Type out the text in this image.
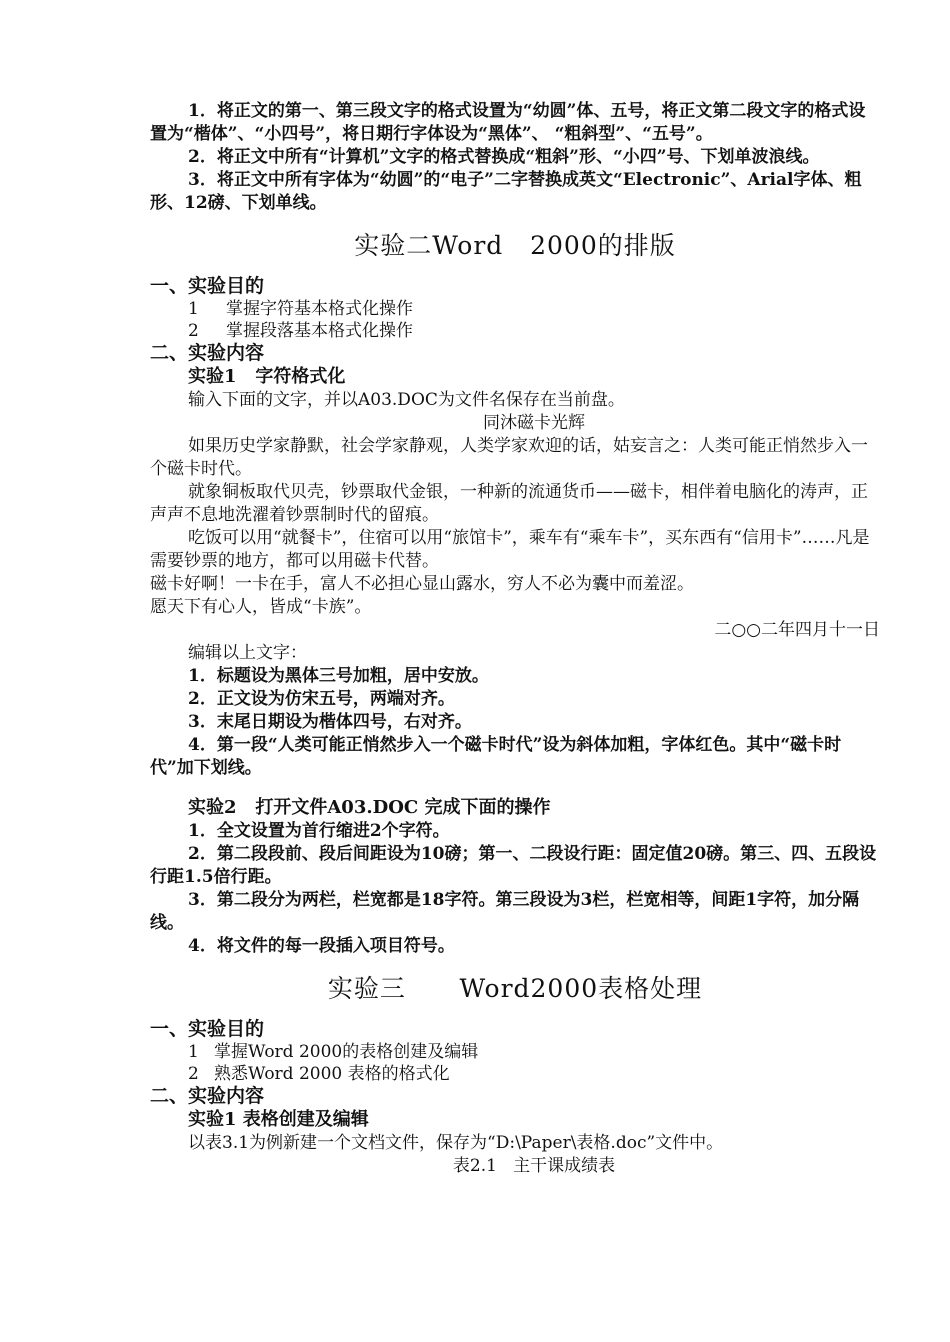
1．将正文的第一、第三段文字的格式设置为“幼圆”体、五号，将正文第二段文字的格式设置为“楷体”、“小四号”，将日期行字体设为“黑体”、 “粗斜型”、“五号”。

2．将正文中所有“计算机”文字的格式替换成“粗斜”形、“小四”号、下划单波浪线。

3．将正文中所有字体为“幼圆”的“电子”二字替换成英文“Electronic”、Arial字体、粗形、12磅、下划单线。

实验二Word   2000的排版

一、实验目的

1 掌握字符基本格式化操作

2 掌握段落基本格式化操作

二、实验内容

实验1   字符格式化

输入下面的文字，并以A03.DOC为文件名保存在当前盘。

同沐磁卡光辉

如果历史学家静默，社会学家静观，人类学家欢迎的话，姑妄言之：人类可能正悄然步入一个磁卡时代。

就象铜板取代贝壳，钞票取代金银，一种新的流通货币——磁卡，相伴着电脑化的涛声，正声声不息地洗濯着钞票制时代的留痕。

吃饭可以用“就餐卡”，住宿可以用“旅馆卡”，乘车有“乘车卡”，买东西有“信用卡”……凡是需要钞票的地方，都可以用磁卡代替。

磁卡好啊！一卡在手，富人不必担心显山露水，穷人不必为囊中而羞涩。

愿天下有心人，皆成“卡族”。

二○○二年四月十一日

编辑以上文字：

1．标题设为黑体三号加粗，居中安放。

2．正文设为仿宋五号，两端对齐。

3．末尾日期设为楷体四号，右对齐。

4．第一段“人类可能正悄然步入一个磁卡时代”设为斜体加粗，字体红色。其中“磁卡时代”加下划线。

实验2   打开文件A03.DOC 完成下面的操作

1．全文设置为首行缩进2个字符。

2．第二段段前、段后间距设为10磅；第一、二段设行距：固定值20磅。第三、四、五段设行距1.5倍行距。

3．第二段分为两栏，栏宽都是18字符。第三段设为3栏，栏宽相等，间距1字符，加分隔线。

4．将文件的每一段插入项目符号。

实验三      Word2000表格处理

一、实验目的

1 掌握Word 2000的表格创建及编辑

2 熟悉Word 2000 表格的格式化

二、实验内容

实验1 表格创建及编辑

以表3.1为例新建一个文档文件，保存为“D:\Paper\表格.doc”文件中。

表2.1   主干课成绩表
